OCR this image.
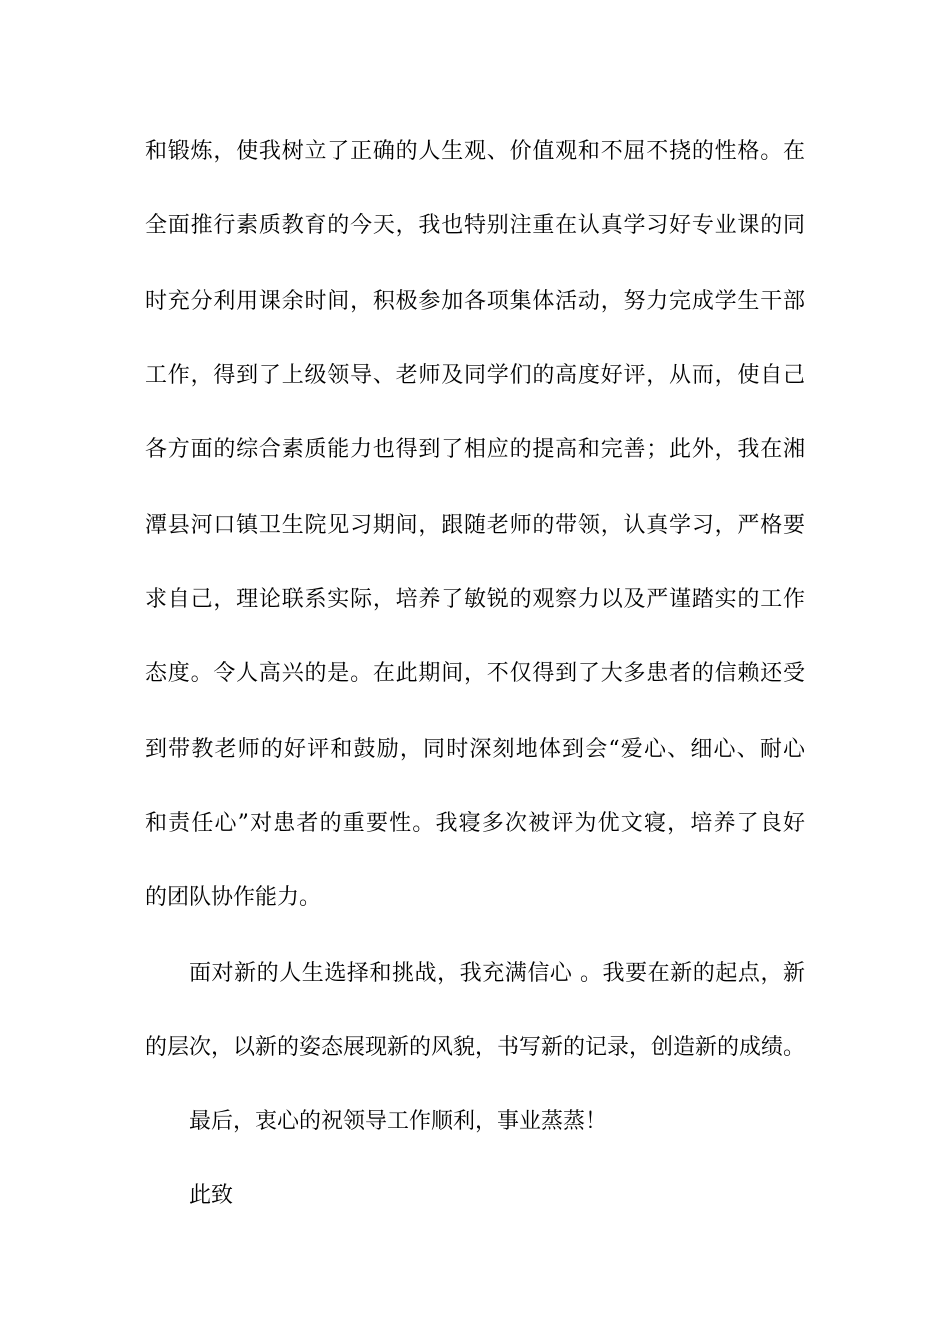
和锻炼，使我树立了正确的人生观、价值观和不屈不挠的性格。在
全面推行素质教育的今天，我也特别注重在认真学习好专业课的同
时充分利用课余时间，积极参加各项集体活动，努力完成学生干部
工作，得到了上级领导、老师及同学们的高度好评，从而，使自己
各方面的综合素质能力也得到了相应的提高和完善；此外，我在湘
潭县河口镇卫生院见习期间，跟随老师的带领，认真学习，严格要
求自己，理论联系实际，培养了敏锐的观察力以及严谨踏实的工作
态度。令人高兴的是。在此期间，不仅得到了大多患者的信赖还受
到带教老师的好评和鼓励，同时深刻地体到会“爱心、细心、耐心
和责任心”对患者的重要性。我寝多次被评为优文寝，培养了良好
的团队协作能力。
面对新的人生选择和挑战，我充满信心 。我要在新的起点，新
的层次，以新的姿态展现新的风貌，书写新的记录，创造新的成绩。
最后，衷心的祝领导工作顺利，事业蒸蒸！
此致
